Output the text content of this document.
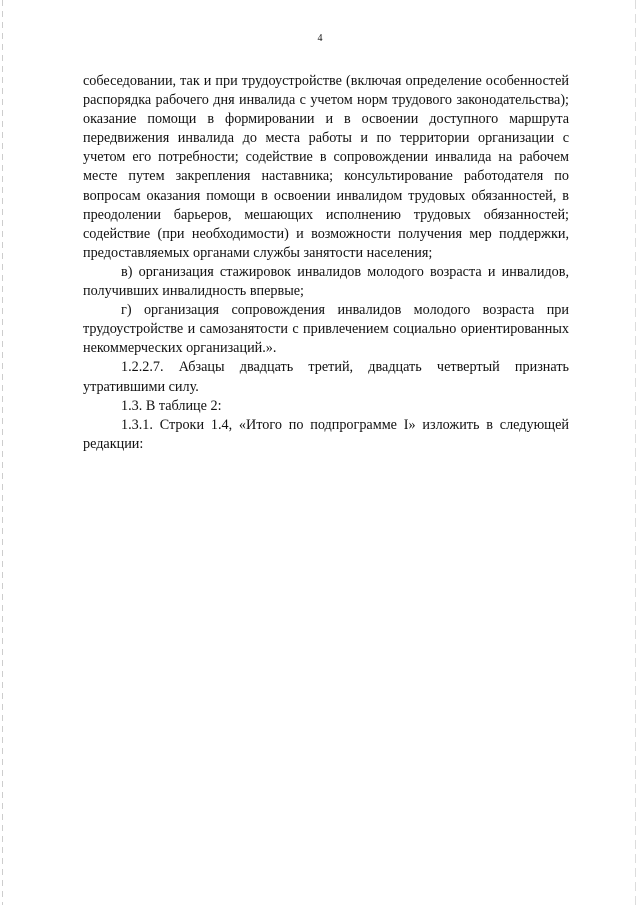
4

собеседовании, так и при трудоустройстве (включая определение особенностей распорядка рабочего дня инвалида с учетом норм трудового законодательства); оказание помощи в формировании и в освоении доступного маршрута передвижения инвалида до места работы и по территории организации с учетом его потребности; содействие в сопровождении инвалида на рабочем месте путем закрепления наставника; консультирование работодателя по вопросам оказания помощи в освоении инвалидом трудовых обязанностей, в преодолении барьеров, мешающих исполнению трудовых обязанностей; содействие (при необходимости) и возможности получения мер поддержки, предоставляемых органами службы занятости населения;

в) организация стажировок инвалидов молодого возраста и инвалидов, получивших инвалидность впервые;

г) организация сопровождения инвалидов молодого возраста при трудоустройстве и самозанятости с привлечением социально ориентированных некоммерческих организаций.».

1.2.2.7. Абзацы двадцать третий, двадцать четвертый признать утратившими силу.

1.3. В таблице 2:

1.3.1. Строки 1.4, «Итого по подпрограмме I» изложить в следующей редакции:
